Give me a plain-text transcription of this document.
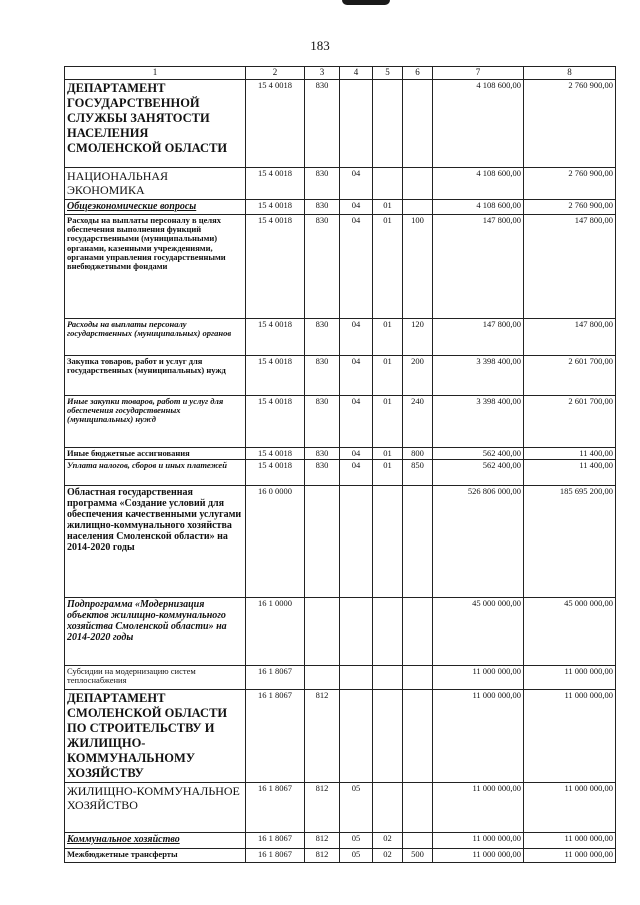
183
1	2	3	4	5	6	7	8
ДЕПАРТАМЕНТ ГОСУДАРСТВЕННОЙ СЛУЖБЫ ЗАНЯТОСТИ НАСЕЛЕНИЯ СМОЛЕНСКОЙ ОБЛАСТИ	15 4 0018	830				4 108 600,00	2 760 900,00
НАЦИОНАЛЬНАЯ ЭКОНОМИКА	15 4 0018	830	04			4 108 600,00	2 760 900,00
Общеэкономические вопросы	15 4 0018	830	04	01		4 108 600,00	2 760 900,00
Расходы на выплаты персоналу в целях обеспечения выполнения функций государственными (муниципальными) органами, казенными учреждениями, органами управления государственными внебюджетными фондами	15 4 0018	830	04	01	100	147 800,00	147 800,00
Расходы на выплаты персоналу государственных (муниципальных) органов	15 4 0018	830	04	01	120	147 800,00	147 800,00
Закупка товаров, работ и услуг для государственных (муниципальных) нужд	15 4 0018	830	04	01	200	3 398 400,00	2 601 700,00
Иные закупки товаров, работ и услуг для обеспечения государственных (муниципальных) нужд	15 4 0018	830	04	01	240	3 398 400,00	2 601 700,00
Иные бюджетные ассигнования	15 4 0018	830	04	01	800	562 400,00	11 400,00
Уплата налогов, сборов и иных платежей	15 4 0018	830	04	01	850	562 400,00	11 400,00
Областная государственная программа «Создание условий для обеспечения качественными услугами жилищно-коммунального хозяйства населения Смоленской области» на 2014-2020 годы	16 0 0000					526 806 000,00	185 695 200,00
Подпрограмма «Модернизация объектов жилищно-коммунального хозяйства Смоленской области» на 2014-2020 годы	16 1 0000					45 000 000,00	45 000 000,00
Субсидии на модернизацию систем теплоснабжения	16 1 8067					11 000 000,00	11 000 000,00
ДЕПАРТАМЕНТ СМОЛЕНСКОЙ ОБЛАСТИ ПО СТРОИТЕЛЬСТВУ И ЖИЛИЩНО-КОММУНАЛЬНОМУ ХОЗЯЙСТВУ	16 1 8067	812				11 000 000,00	11 000 000,00
ЖИЛИЩНО-КОММУНАЛЬНОЕ ХОЗЯЙСТВО	16 1 8067	812	05			11 000 000,00	11 000 000,00
Коммунальное хозяйство	16 1 8067	812	05	02		11 000 000,00	11 000 000,00
Межбюджетные трансферты	16 1 8067	812	05	02	500	11 000 000,00	11 000 000,00
